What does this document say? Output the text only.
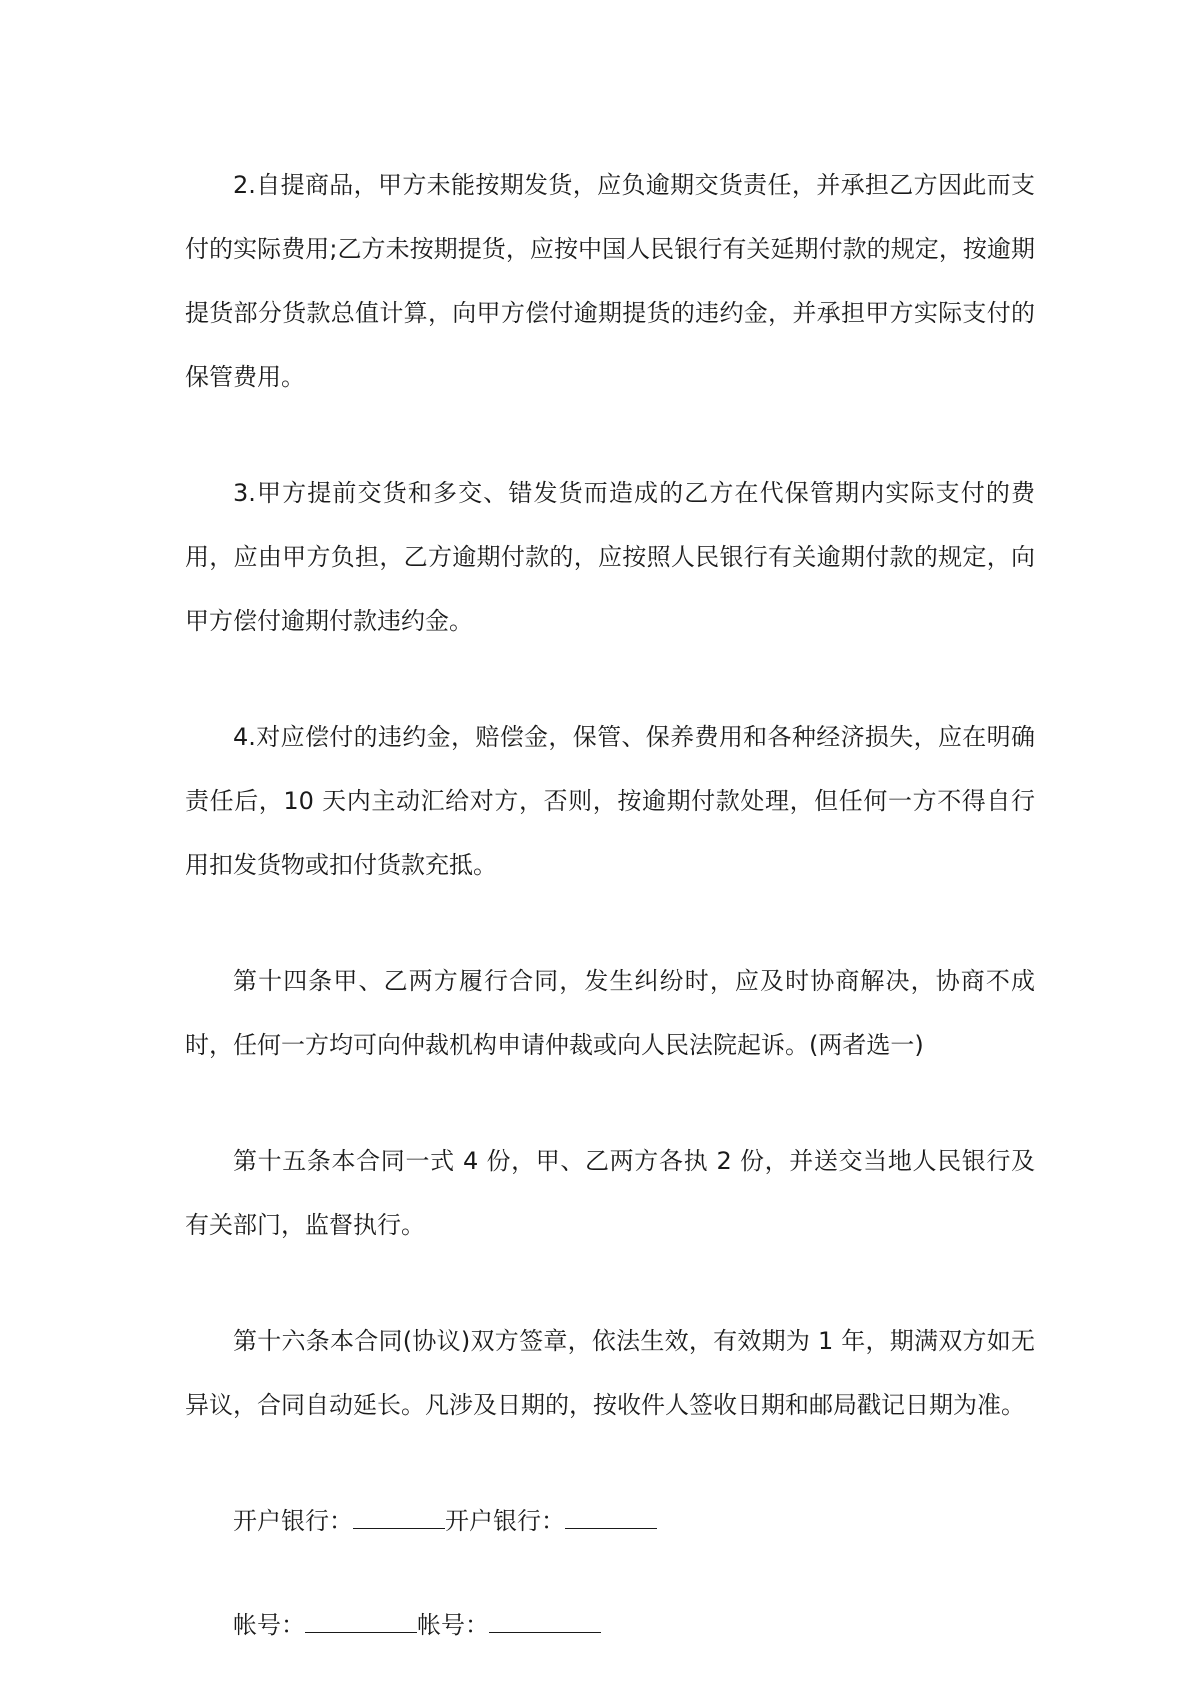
2.自提商品，甲方未能按期发货，应负逾期交货责任，并承担乙方因此而支付的实际费用;乙方未按期提货，应按中国人民银行有关延期付款的规定，按逾期提货部分货款总值计算，向甲方偿付逾期提货的违约金，并承担甲方实际支付的保管费用。

3.甲方提前交货和多交、错发货而造成的乙方在代保管期内实际支付的费用，应由甲方负担，乙方逾期付款的，应按照人民银行有关逾期付款的规定，向甲方偿付逾期付款违约金。

4.对应偿付的违约金，赔偿金，保管、保养费用和各种经济损失，应在明确责任后，10 天内主动汇给对方，否则，按逾期付款处理，但任何一方不得自行用扣发货物或扣付货款充抵。

第十四条甲、乙两方履行合同，发生纠纷时，应及时协商解决，协商不成时，任何一方均可向仲裁机构申请仲裁或向人民法院起诉。(两者选一)

第十五条本合同一式 4 份，甲、乙两方各执 2 份，并送交当地人民银行及有关部门，监督执行。

第十六条本合同(协议)双方签章，依法生效，有效期为 1 年，期满双方如无异议，合同自动延长。凡涉及日期的，按收件人签收日期和邮局戳记日期为准。

开户银行：	开户银行：
帐号：	帐号：
